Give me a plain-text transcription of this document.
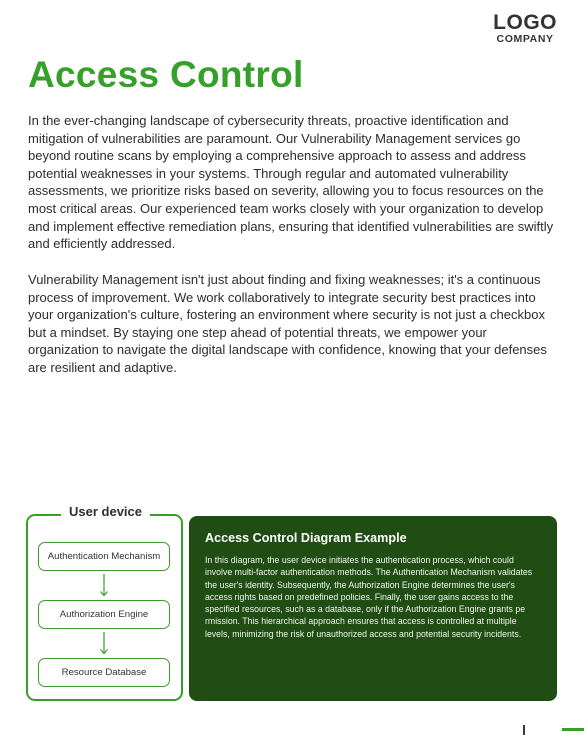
LOGO
COMPANY
Access Control

In the ever-changing landscape of cybersecurity threats, proactive identification and mitigation of vulnerabilities are paramount. Our Vulnerability Management services go beyond routine scans by employing a comprehensive approach to assess and address potential weaknesses in your systems. Through regular and automated vulnerability assessments, we prioritize risks based on severity, allowing you to focus resources on the most critical areas. Our experienced team works closely with your organization to develop and implement effective remediation plans, ensuring that identified vulnerabilities are swiftly and efficiently addressed.

Vulnerability Management isn't just about finding and fixing weaknesses; it's a continuous process of improvement. We work collaboratively to integrate security best practices into your organization's culture, fostering an environment where security is not just a checkbox but a mindset. By staying one step ahead of potential threats, we empower your organization to navigate the digital landscape with confidence, knowing that your defenses are resilient and adaptive.

User device
Authentication Mechanism
Authorization Engine
Resource Database
Access Control Diagram Example

In this diagram, the user device initiates the authentication process, which could involve multi-factor authentication methods. The Authentication Mechanism validates the user's identity. Subsequently, the Authorization Engine determines the user's access rights based on predefined policies. Finally, the user gains access to the specified resources, such as a database, only if the Authorization Engine grants pe rmission. This hierarchical approach ensures that access is controlled at multiple levels, minimizing the risk of unauthorized access and potential security incidents.
